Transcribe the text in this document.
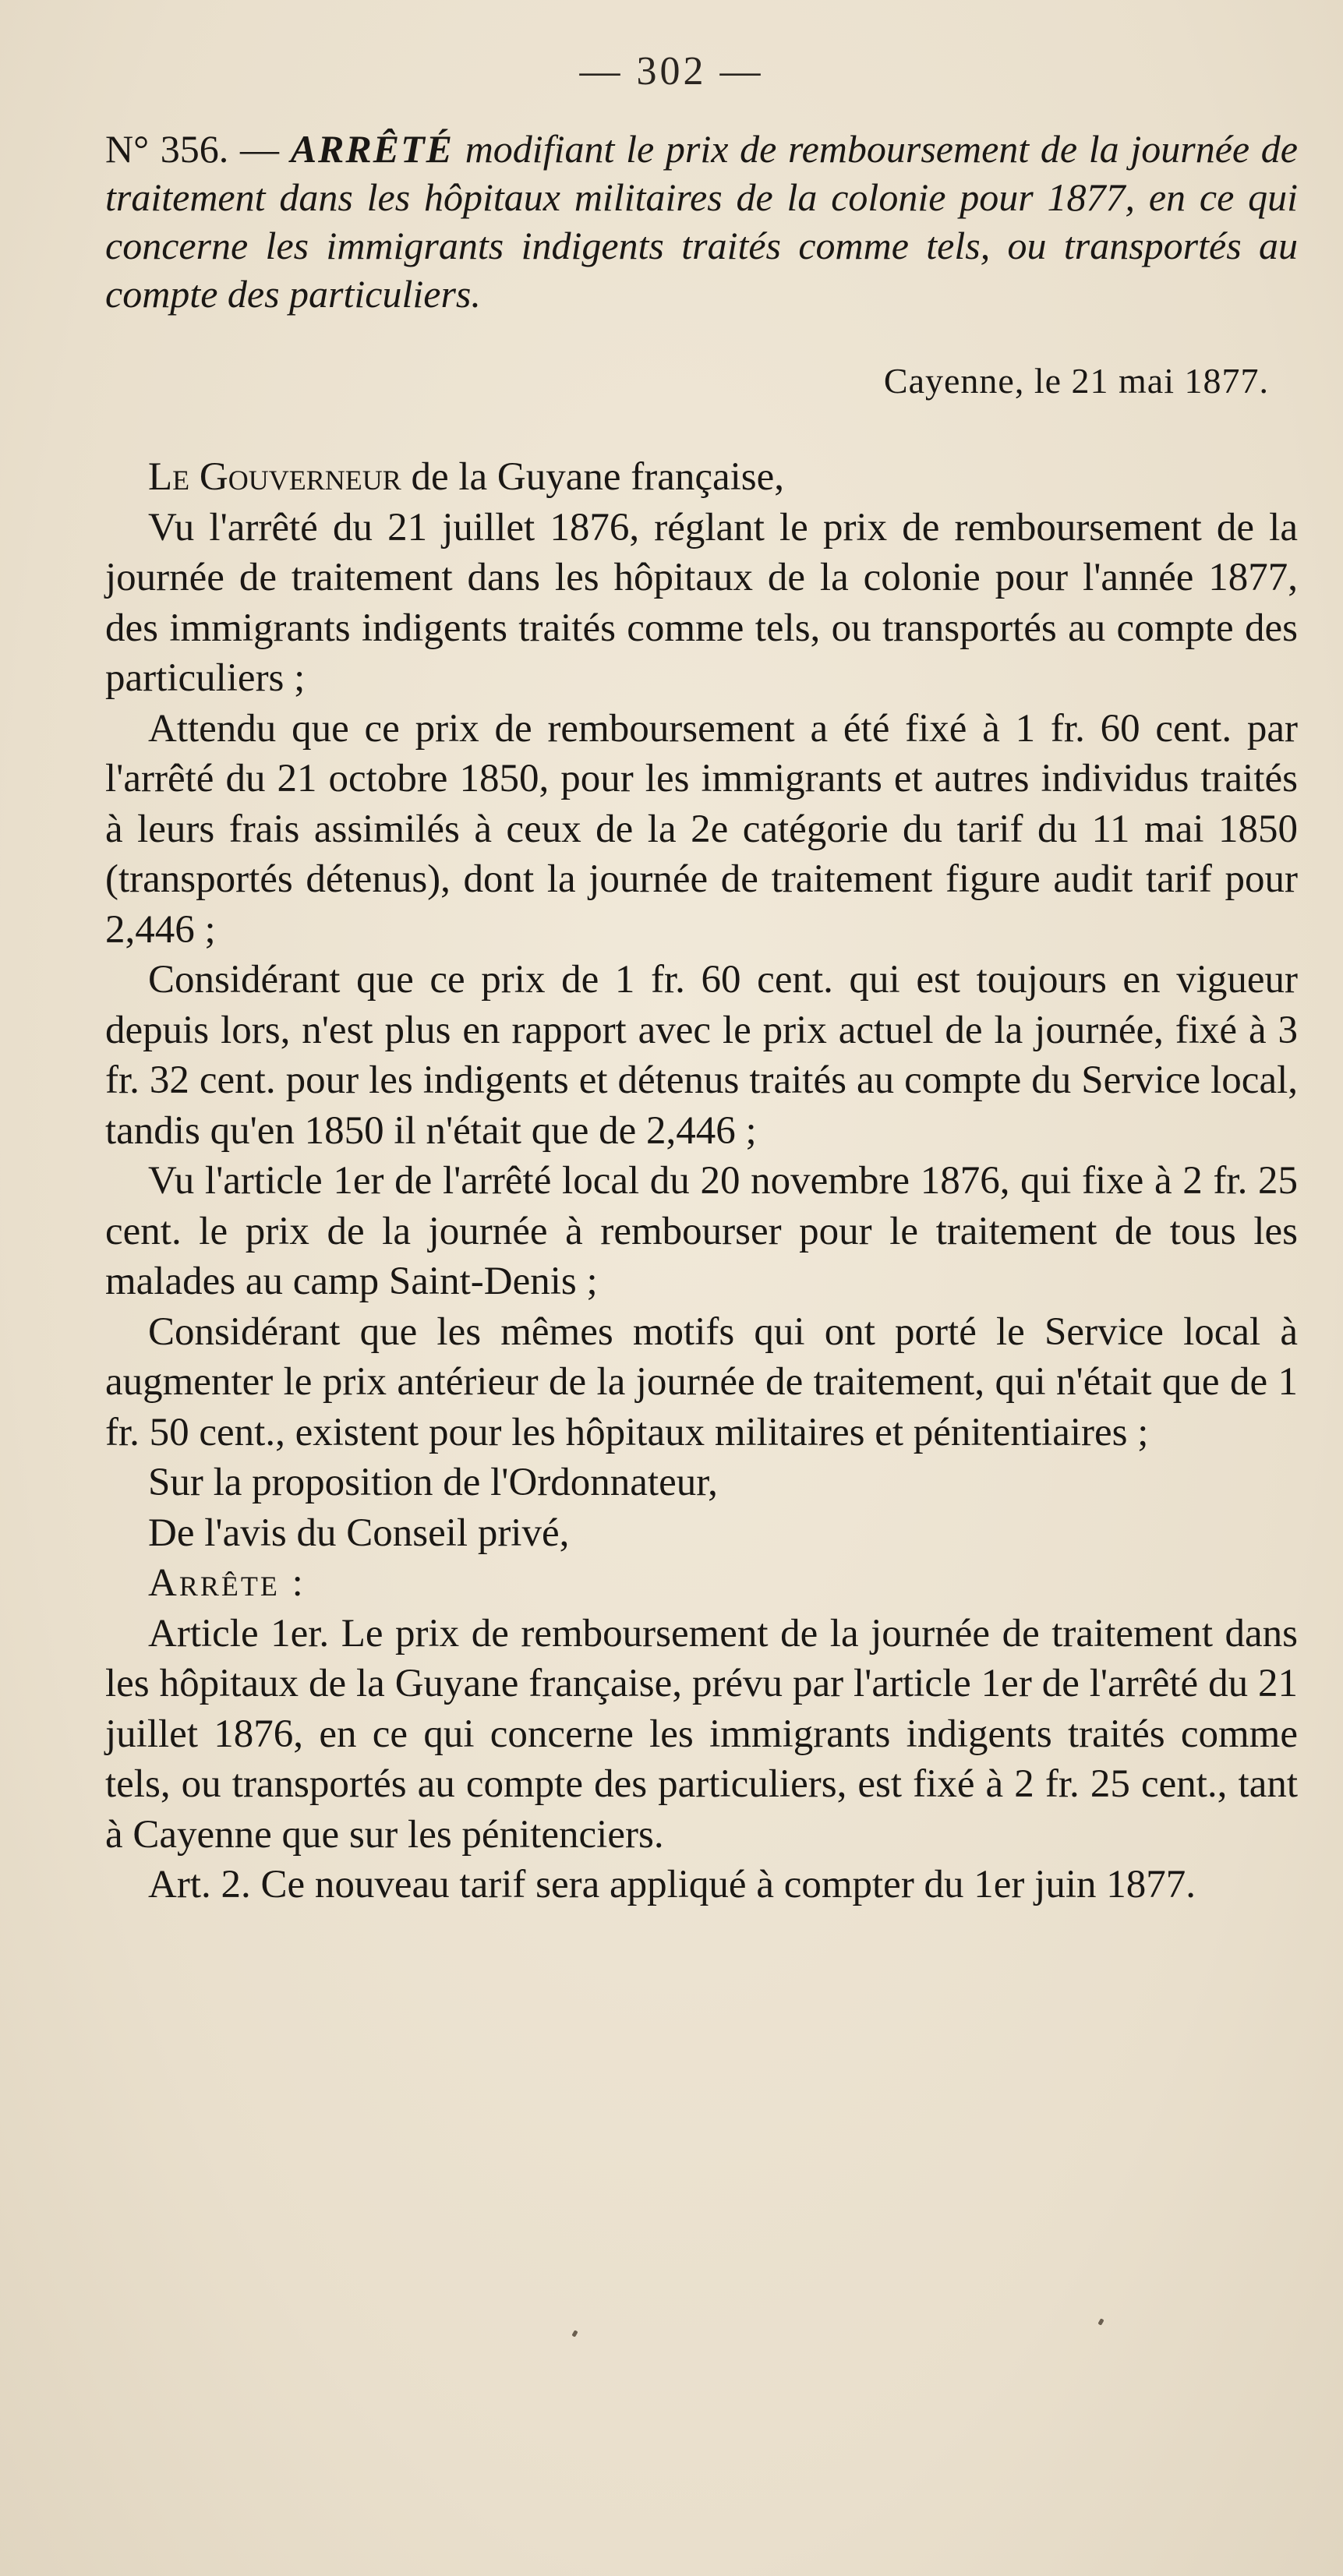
— 302 —

N° 356. — ARRÊTÉ modifiant le prix de remboursement de la journée de traitement dans les hôpitaux militaires de la colonie pour 1877, en ce qui concerne les immigrants indigents traités comme tels, ou transportés au compte des particuliers.

Cayenne, le 21 mai 1877.

Le Gouverneur de la Guyane française,

Vu l'arrêté du 21 juillet 1876, réglant le prix de remboursement de la journée de traitement dans les hôpitaux de la colonie pour l'année 1877, des immigrants indigents traités comme tels, ou transportés au compte des particuliers ;

Attendu que ce prix de remboursement a été fixé à 1 fr. 60 cent. par l'arrêté du 21 octobre 1850, pour les immigrants et autres individus traités à leurs frais assimilés à ceux de la 2e catégorie du tarif du 11 mai 1850 (transportés détenus), dont la journée de traitement figure audit tarif pour 2,446 ;

Considérant que ce prix de 1 fr. 60 cent. qui est toujours en vigueur depuis lors, n'est plus en rapport avec le prix actuel de la journée, fixé à 3 fr. 32 cent. pour les indigents et détenus traités au compte du Service local, tandis qu'en 1850 il n'était que de 2,446 ;

Vu l'article 1er de l'arrêté local du 20 novembre 1876, qui fixe à 2 fr. 25 cent. le prix de la journée à rembourser pour le traitement de tous les malades au camp Saint-Denis ;

Considérant que les mêmes motifs qui ont porté le Service local à augmenter le prix antérieur de la journée de traitement, qui n'était que de 1 fr. 50 cent., existent pour les hôpitaux militaires et pénitentiaires ;

Sur la proposition de l'Ordonnateur,

De l'avis du Conseil privé,

Arrête :

Article 1er. Le prix de remboursement de la journée de traitement dans les hôpitaux de la Guyane française, prévu par l'article 1er de l'arrêté du 21 juillet 1876, en ce qui concerne les immigrants indigents traités comme tels, ou transportés au compte des particuliers, est fixé à 2 fr. 25 cent., tant à Cayenne que sur les pénitenciers.

Art. 2. Ce nouveau tarif sera appliqué à compter du 1er juin 1877.
